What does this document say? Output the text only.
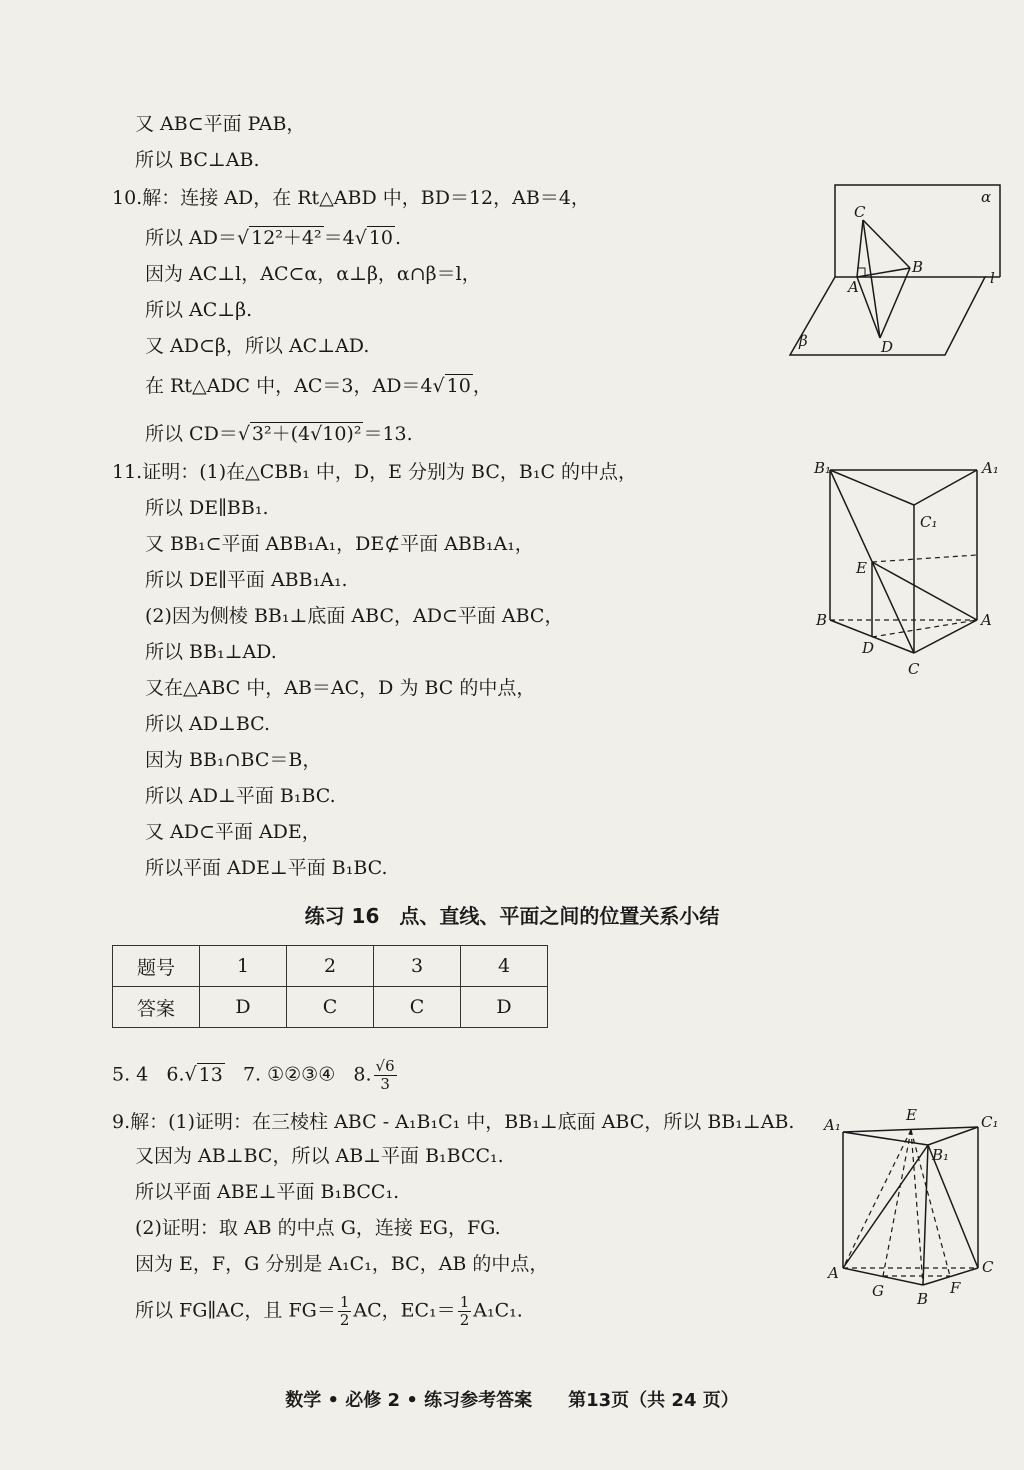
又 AB⊂平面 PAB，
所以 BC⊥AB.
10.解：连接 AD，在 Rt△ABD 中，BD＝12，AB＝4，
所以 AD＝√ 12²＋4² ＝4√ 10 .
因为 AC⊥l，AC⊂α，α⊥β，α∩β＝l，
所以 AC⊥β.
又 AD⊂β，所以 AC⊥AD.
在 Rt△ADC 中，AC＝3，AD＝4√ 10 ，
所以 CD＝√ 3²＋(4√10)² ＝13.
11.证明：(1)在△CBB₁ 中，D，E 分别为 BC，B₁C 的中点，
所以 DE∥BB₁.
又 BB₁⊂平面 ABB₁A₁，DE⊄平面 ABB₁A₁，
所以 DE∥平面 ABB₁A₁.
(2)因为侧棱 BB₁⊥底面 ABC，AD⊂平面 ABC，
所以 BB₁⊥AD.
又在△ABC 中，AB＝AC，D 为 BC 的中点，
所以 AD⊥BC.
因为 BB₁∩BC＝B，
所以 AD⊥平面 B₁BC.
又 AD⊂平面 ADE，
所以平面 ADE⊥平面 B₁BC.
练习 16　点、直线、平面之间的位置关系小结
题号	1	2	3	4
答案	D	C	C	D
5. 4 6.√ 13 7. ①②③④ 8. $\frac{√6}{3}$
9.解：(1)证明：在三棱柱 ABC - A₁B₁C₁ 中，BB₁⊥底面 ABC，所以 BB₁⊥AB.
又因为 AB⊥BC，所以 AB⊥平面 B₁BCC₁.
所以平面 ABE⊥平面 B₁BCC₁.
(2)证明：取 AB 的中点 G，连接 EG，FG.
因为 E，F，G 分别是 A₁C₁，BC，AB 的中点，
所以 FG∥AC，且 $FG= \frac{1}{2}$ AC，$EC_1= \frac{1}{2} A_1C_1$.
数学 • 必修 2 • 练习参考答案　　第13页（共 24 页）
α
β
l
C
A
B
D
B₁	A₁
C₁
E
B	A
D
C
A₁
E	C₁
B₁
A	C
G B
F
